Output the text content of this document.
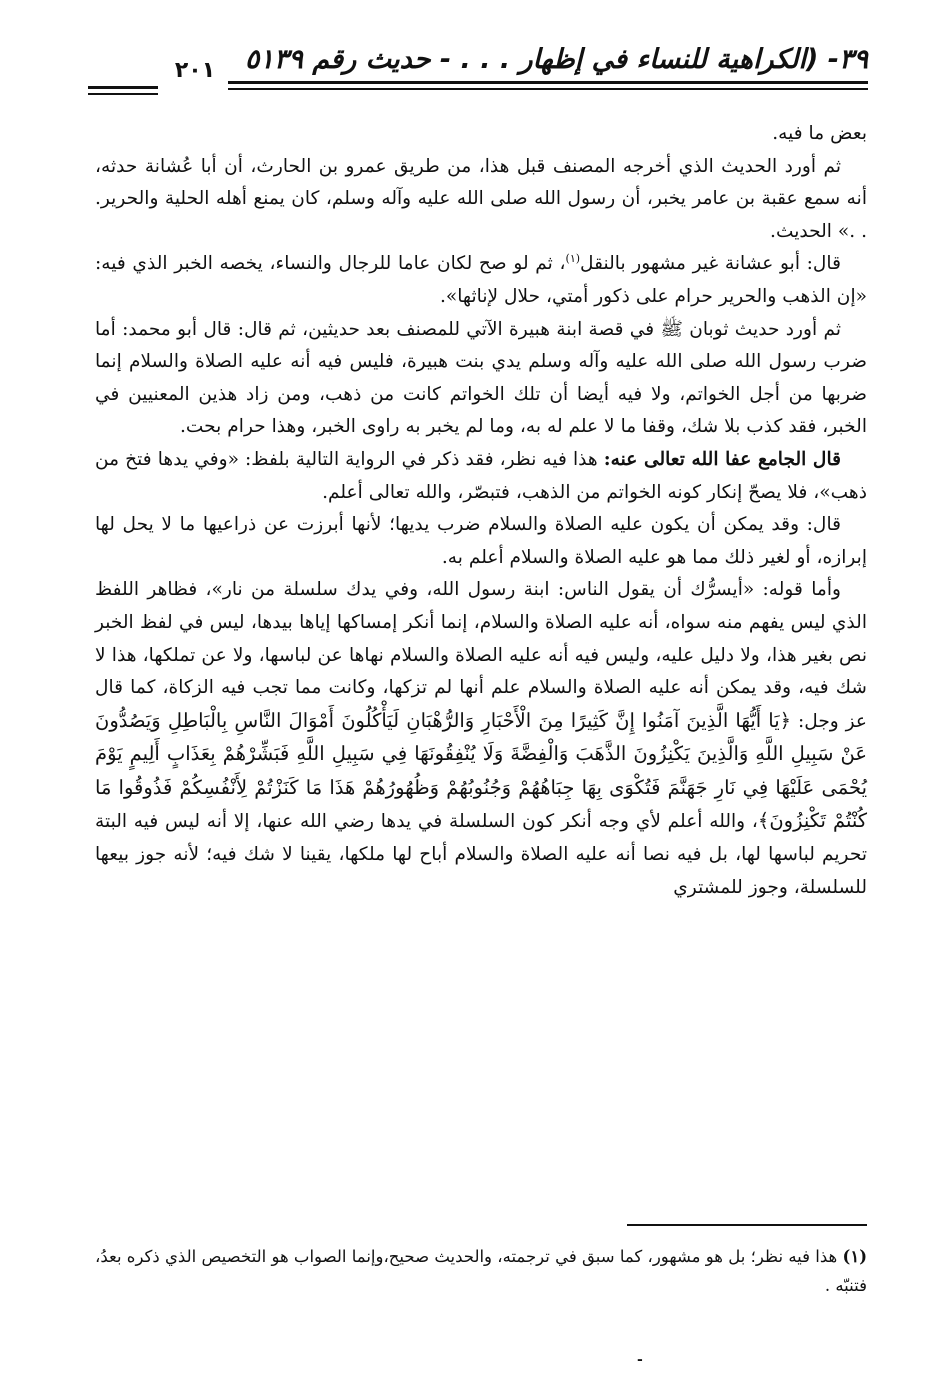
٣٩- (الكراهية للنساء في إظهار . . . - حديث رقم ٥١٣٩
٢٠١

بعض ما فيه.

ثم أورد الحديث الذي أخرجه المصنف قبل هذا، من طريق عمرو بن الحارث، أن أبا عُشانة حدثه، أنه سمع عقبة بن عامر يخبر، أن رسول الله صلى الله عليه وآله وسلم، كان يمنع أهله الحلية والحرير. . .» الحديث.

قال: أبو عشانة غير مشهور بالنقل$^{(١)}$، ثم لو صح لكان عاما للرجال والنساء، يخصه الخبر الذي فيه: «إن الذهب والحرير حرام على ذكور أمتي، حلال لإناثها».

ثم أورد حديث ثوبان ﷺ في قصة ابنة هبيرة الآتي للمصنف بعد حديثين، ثم قال: قال أبو محمد: أما ضرب رسول الله صلى الله عليه وآله وسلم يدي بنت هبيرة، فليس فيه أنه عليه الصلاة والسلام إنما ضربها من أجل الخواتم، ولا فيه أيضا أن تلك الخواتم كانت من ذهب، ومن زاد هذين المعنيين في الخبر، فقد كذب بلا شك، وقفا ما لا علم له به، وما لم يخبر به راوى الخبر، وهذا حرام بحت.

قال الجامع عفا الله تعالى عنه: هذا فيه نظر، فقد ذكر في الرواية التالية بلفظ: «وفي يدها فتخ من ذهب»، فلا يصحّ إنكار كونه الخواتم من الذهب، فتبصّر، والله تعالى أعلم.

قال: وقد يمكن أن يكون عليه الصلاة والسلام ضرب يديها؛ لأنها أبرزت عن ذراعيها ما لا يحل لها إبرازه، أو لغير ذلك مما هو عليه الصلاة والسلام أعلم به.

وأما قوله: «أيسرُّك أن يقول الناس: ابنة رسول الله، وفي يدك سلسلة من نار»، فظاهر اللفظ الذي ليس يفهم منه سواه، أنه عليه الصلاة والسلام، إنما أنكر إمساكها إياها بيدها، ليس في لفظ الخبر نص بغير هذا، ولا دليل عليه، وليس فيه أنه عليه الصلاة والسلام نهاها عن لباسها، ولا عن تملكها، هذا لا شك فيه، وقد يمكن أنه عليه الصلاة والسلام علم أنها لم تزكها، وكانت مما تجب فيه الزكاة، كما قال عز وجل: ﴿يَا أَيُّهَا الَّذِينَ آمَنُوا إِنَّ كَثِيرًا مِنَ الْأَحْبَارِ وَالرُّهْبَانِ لَيَأْكُلُونَ أَمْوَالَ النَّاسِ بِالْبَاطِلِ وَيَصُدُّونَ عَنْ سَبِيلِ اللَّهِ وَالَّذِينَ يَكْنِزُونَ الذَّهَبَ وَالْفِضَّةَ وَلَا يُنْفِقُونَهَا فِي سَبِيلِ اللَّهِ فَبَشِّرْهُمْ بِعَذَابٍ أَلِيمٍ يَوْمَ يُحْمَى عَلَيْهَا فِي نَارِ جَهَنَّمَ فَتُكْوَى بِهَا جِبَاهُهُمْ وَجُنُوبُهُمْ وَظُهُورُهُمْ هَذَا مَا كَنَزْتُمْ لِأَنْفُسِكُمْ فَذُوقُوا مَا كُنْتُمْ تَكْنِزُونَ﴾، والله أعلم لأي وجه أنكر كون السلسلة في يدها رضي الله عنها، إلا أنه ليس فيه البتة تحريم لباسها لها، بل فيه نصا أنه عليه الصلاة والسلام أباح لها ملكها، يقينا لا شك فيه؛ لأنه جوز بيعها للسلسلة، وجوز للمشتري

(١) هذا فيه نظر؛ بل هو مشهور، كما سبق في ترجمته، والحديث صحيح،وإنما الصواب هو التخصيص الذي ذكره بعدُ، فتنبّه .

-
